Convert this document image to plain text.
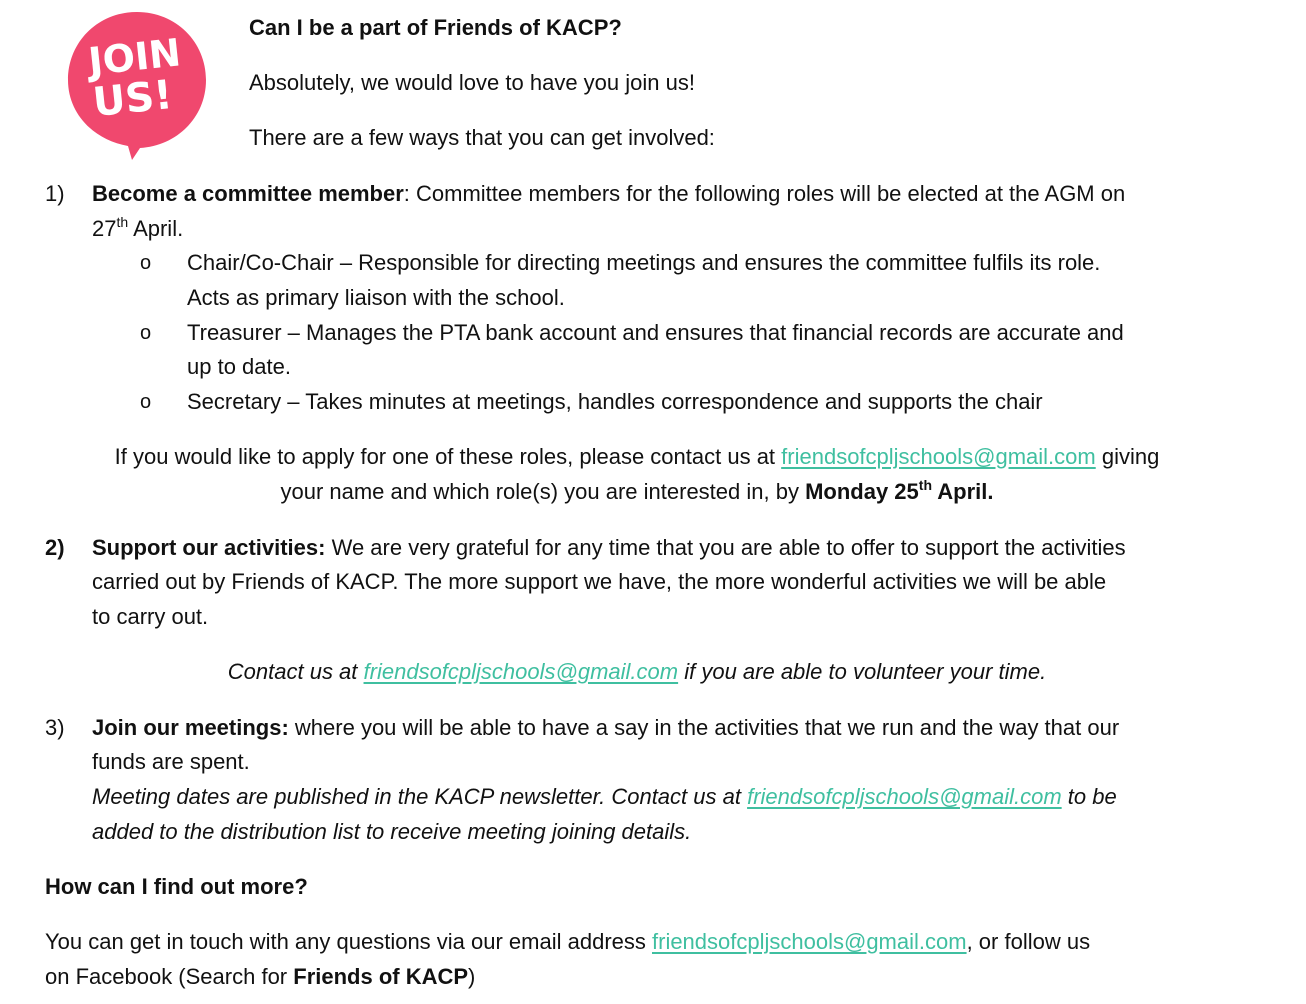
JOIN
US!
Can I be a part of Friends of KACP?
Absolutely, we would love to have you join us!
There are a few ways that you can get involved:
1) Become a committee member: Committee members for the following roles will be elected at the AGM on
27th April.
o Chair/Co-Chair – Responsible for directing meetings and ensures the committee fulfils its role.
Acts as primary liaison with the school.
o Treasurer – Manages the PTA bank account and ensures that financial records are accurate and
up to date.
o Secretary – Takes minutes at meetings, handles correspondence and supports the chair
If you would like to apply for one of these roles, please contact us at friendsofcpljschools@gmail.com giving
your name and which role(s) you are interested in, by Monday 25th April.
2) Support our activities: We are very grateful for any time that you are able to offer to support the activities
carried out by Friends of KACP. The more support we have, the more wonderful activities we will be able
to carry out.
Contact us at friendsofcpljschools@gmail.com if you are able to volunteer your time.
3) Join our meetings: where you will be able to have a say in the activities that we run and the way that our
funds are spent.
Meeting dates are published in the KACP newsletter. Contact us at friendsofcpljschools@gmail.com to be
added to the distribution list to receive meeting joining details.
How can I find out more?
You can get in touch with any questions via our email address friendsofcpljschools@gmail.com, or follow us
on Facebook (Search for Friends of KACP)
